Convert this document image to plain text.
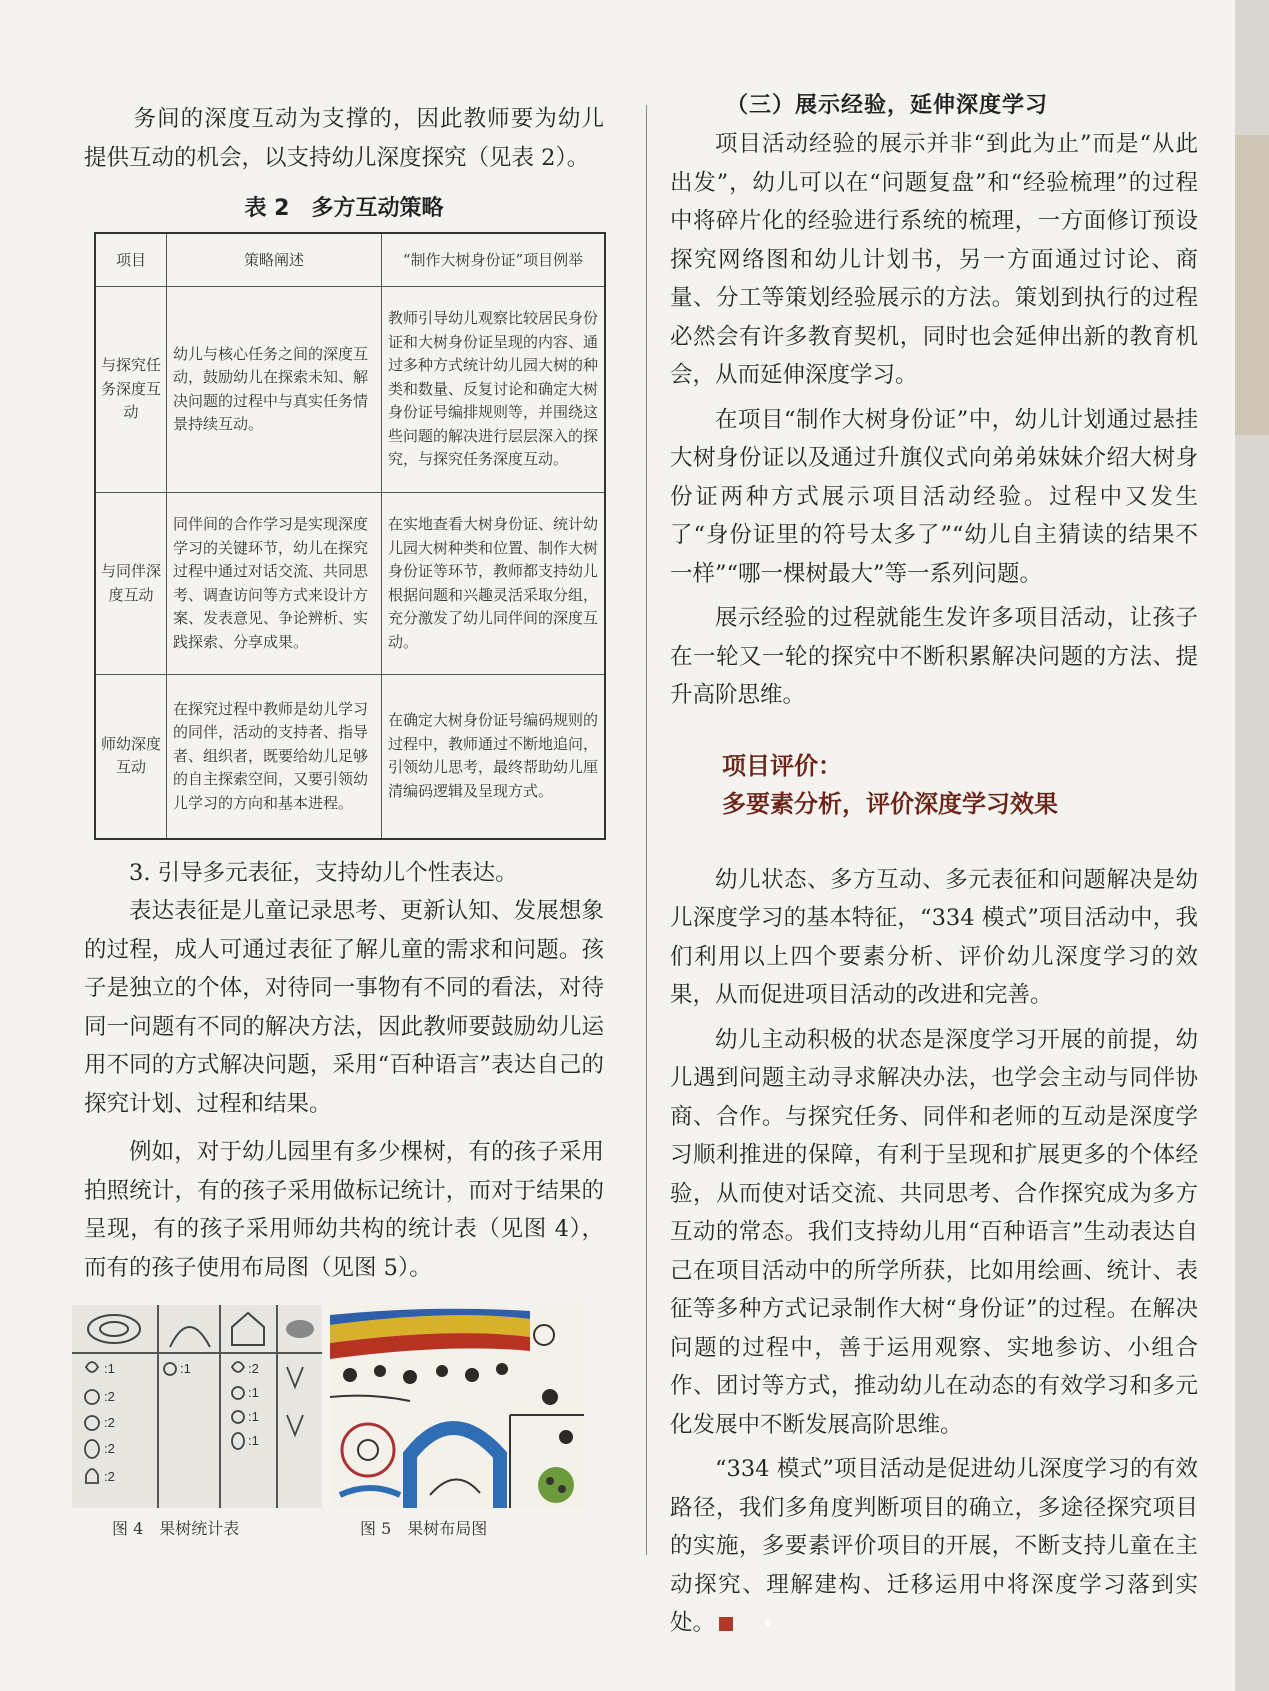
务间的深度互动为支撑的，因此教师要为幼儿提供互动的机会，以支持幼儿深度探究（见表 2）。

表 2　多方互动策略
项目	策略阐述	“制作大树身份证”项目例举
与探究任务深度互动	幼儿与核心任务之间的深度互动，鼓励幼儿在探索未知、解决问题的过程中与真实任务情景持续互动。	教师引导幼儿观察比较居民身份证和大树身份证呈现的内容、通过多种方式统计幼儿园大树的种类和数量、反复讨论和确定大树身份证号编排规则等，并围绕这些问题的解决进行层层深入的探究，与探究任务深度互动。
与同伴深度互动	同伴间的合作学习是实现深度学习的关键环节，幼儿在探究过程中通过对话交流、共同思考、调查访问等方式来设计方案、发表意见、争论辨析、实践探索、分享成果。	在实地查看大树身份证、统计幼儿园大树种类和位置、制作大树身份证等环节，教师都支持幼儿根据问题和兴趣灵活采取分组，充分激发了幼儿同伴间的深度互动。
师幼深度互动	在探究过程中教师是幼儿学习的同伴，活动的支持者、指导者、组织者，既要给幼儿足够的自主探索空间，又要引领幼儿学习的方向和基本进程。	在确定大树身份证号编码规则的过程中，教师通过不断地追问，引领幼儿思考，最终帮助幼儿厘清编码逻辑及呈现方式。

3. 引导多元表征，支持幼儿个性表达。

表达表征是儿童记录思考、更新认知、发展想象的过程，成人可通过表征了解儿童的需求和问题。孩子是独立的个体，对待同一事物有不同的看法，对待同一问题有不同的解决方法，因此教师要鼓励幼儿运用不同的方式解决问题，采用“百种语言”表达自己的探究计划、过程和结果。

例如，对于幼儿园里有多少棵树，有的孩子采用拍照统计，有的孩子采用做标记统计，而对于结果的呈现，有的孩子采用师幼共构的统计表（见图 4），而有的孩子使用布局图（见图 5）。

:1
:2
:2
:2
:2
:1	:2
:1
:1
:1
图 4　果树统计表	图 5　果树布局图
（三）展示经验，延伸深度学习

项目活动经验的展示并非“到此为止”而是“从此出发”，幼儿可以在“问题复盘”和“经验梳理”的过程中将碎片化的经验进行系统的梳理，一方面修订预设探究网络图和幼儿计划书，另一方面通过讨论、商量、分工等策划经验展示的方法。策划到执行的过程必然会有许多教育契机，同时也会延伸出新的教育机会，从而延伸深度学习。

在项目“制作大树身份证”中，幼儿计划通过悬挂大树身份证以及通过升旗仪式向弟弟妹妹介绍大树身份证两种方式展示项目活动经验。过程中又发生了“身份证里的符号太多了”“幼儿自主猜读的结果不一样”“哪一棵树最大”等一系列问题。

展示经验的过程就能生发许多项目活动，让孩子在一轮又一轮的探究中不断积累解决问题的方法、提升高阶思维。

项目评价：
多要素分析，评价深度学习效果

幼儿状态、多方互动、多元表征和问题解决是幼儿深度学习的基本特征，“334 模式”项目活动中，我们利用以上四个要素分析、评价幼儿深度学习的效果，从而促进项目活动的改进和完善。

幼儿主动积极的状态是深度学习开展的前提，幼儿遇到问题主动寻求解决办法，也学会主动与同伴协商、合作。与探究任务、同伴和老师的互动是深度学习顺利推进的保障，有利于呈现和扩展更多的个体经验，从而使对话交流、共同思考、合作探究成为多方互动的常态。我们支持幼儿用“百种语言”生动表达自己在项目活动中的所学所获，比如用绘画、统计、表征等多种方式记录制作大树“身份证”的过程。在解决问题的过程中，善于运用观察、实地参访、小组合作、团讨等方式，推动幼儿在动态的有效学习和多元化发展中不断发展高阶思维。

“334 模式”项目活动是促进幼儿深度学习的有效路径，我们多角度判断项目的确立，多途径探究项目的实施，多要素评价项目的开展，不断支持儿童在主动探究、理解建构、迁移运用中将深度学习落到实处。	◆
